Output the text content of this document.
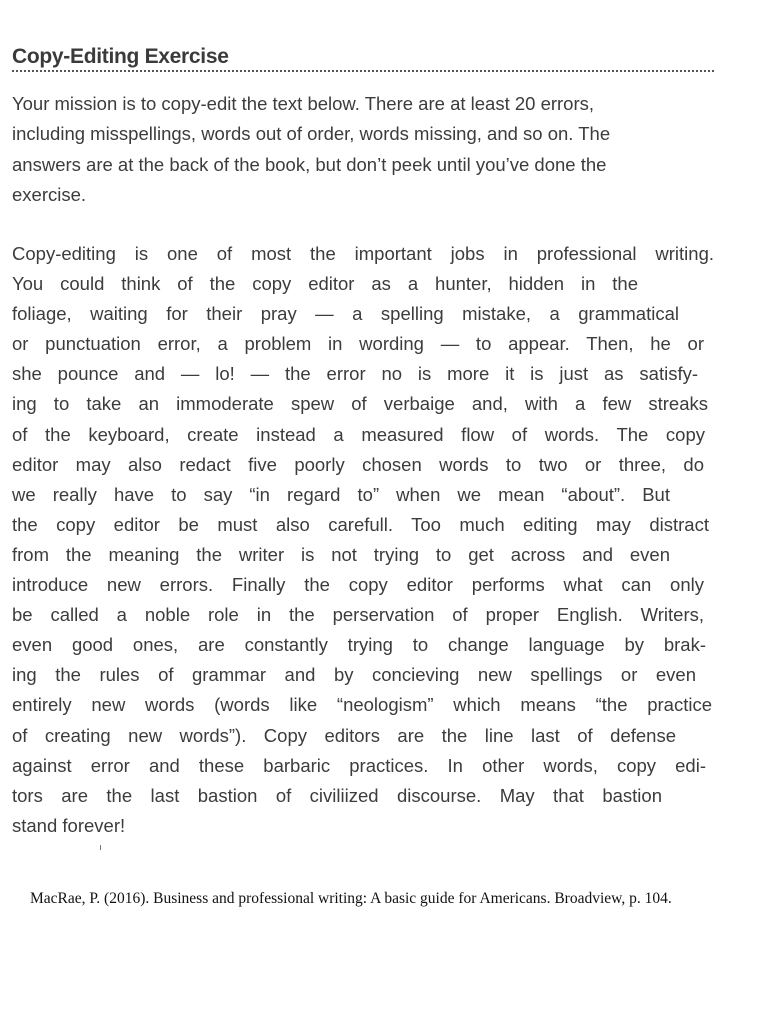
Copy-Editing Exercise
Your mission is to copy-edit the text below. There are at least 20 errors,
including misspellings, words out of order, words missing, and so on. The
answers are at the back of the book, but don’t peek until you’ve done the
exercise.
Copy-editing is one of most the important jobs in professional writing.
You could think of the copy editor as a hunter, hidden in the
foliage, waiting for their pray — a spelling mistake, a grammatical
or punctuation error, a problem in wording — to appear. Then, he or
she pounce and — lo! — the error no is more it is just as satisfy-
ing to take an immoderate spew of verbaige and, with a few streaks
of the keyboard, create instead a measured flow of words. The copy
editor may also redact five poorly chosen words to two or three, do
we really have to say “in regard to” when we mean “about”. But
the copy editor be must also carefull. Too much editing may distract
from the meaning the writer is not trying to get across and even
introduce new errors. Finally the copy editor performs what can only
be called a noble role in the perservation of proper English. Writers,
even good ones, are constantly trying to change language by brak-
ing the rules of grammar and by concieving new spellings or even
entirely new words (words like “neologism” which means “the practice
of creating new words”). Copy editors are the line last of defense
against error and these barbaric practices. In other words, copy edi-
tors are the last bastion of civiliized discourse. May that bastion
stand forever!
MacRae, P. (2016). Business and professional writing: A basic guide for Americans. Broadview, p. 104.
